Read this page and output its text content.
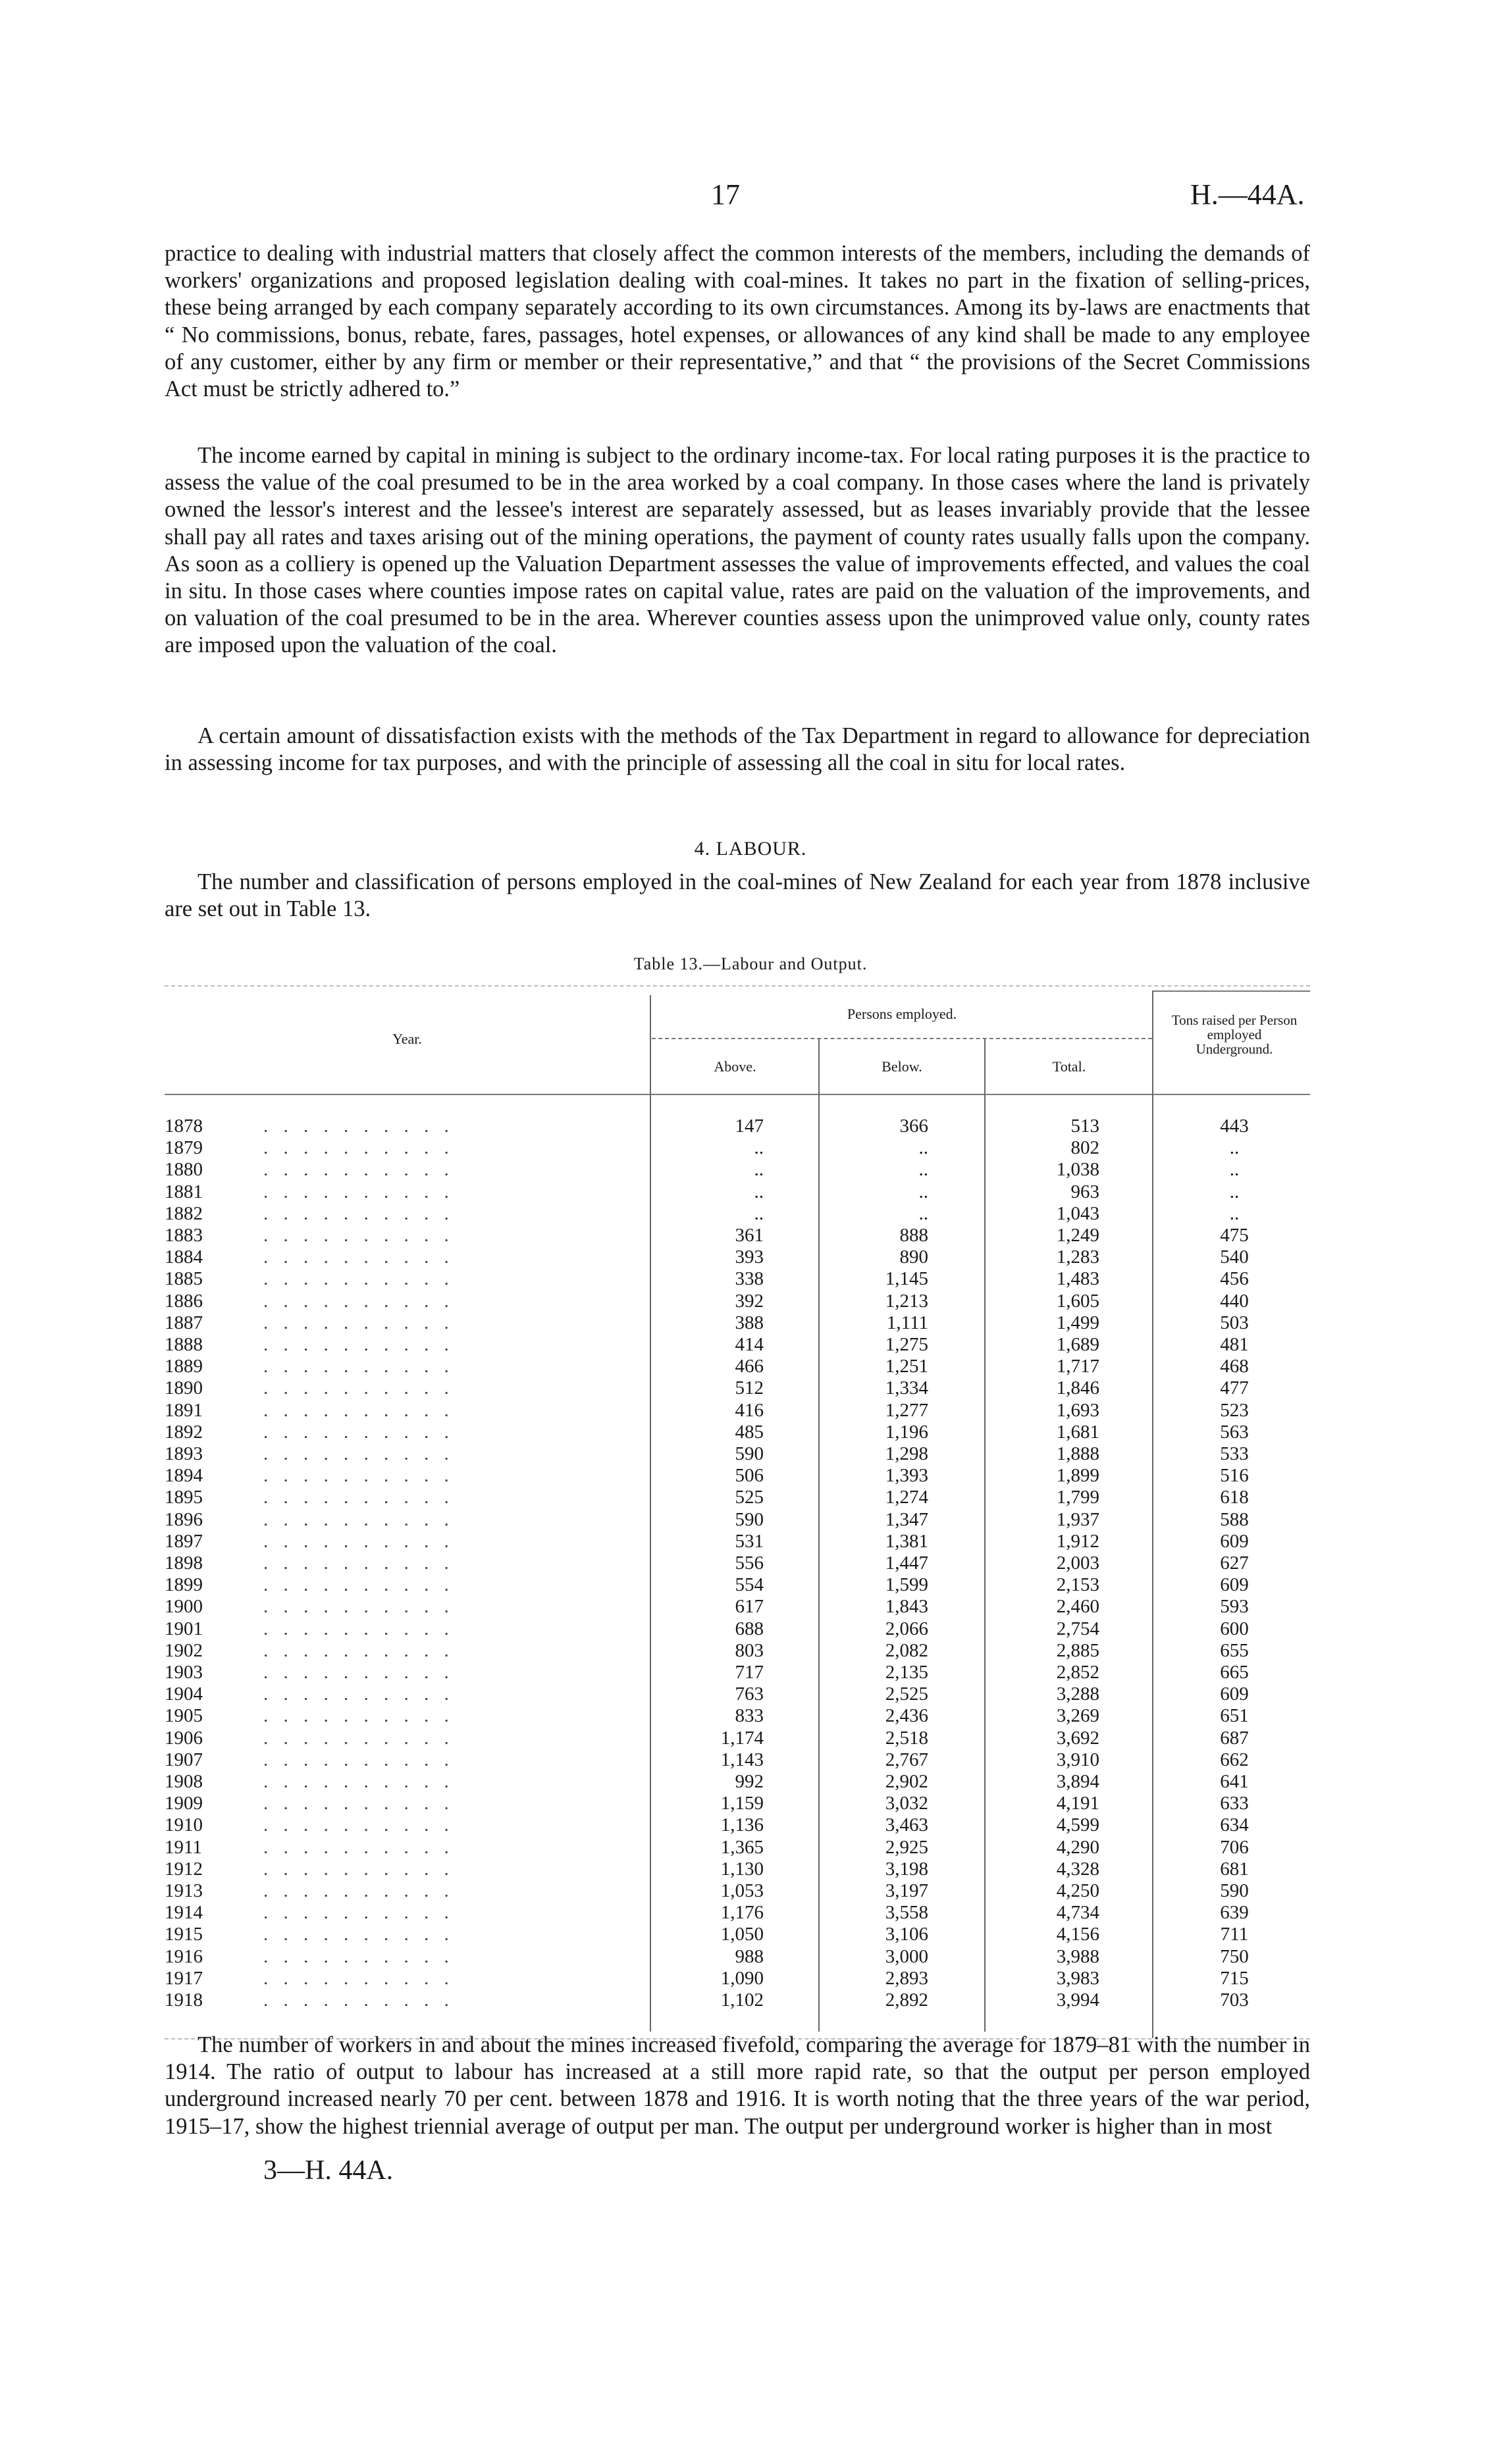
17	H.—44A.

practice to dealing with industrial matters that closely affect the common interests of the members, including the demands of workers' organizations and proposed legislation dealing with coal-mines. It takes no part in the fixation of selling-prices, these being arranged by each company separately according to its own circumstances. Among its by-laws are enactments that “ No commissions, bonus, rebate, fares, passages, hotel expenses, or allowances of any kind shall be made to any employee of any customer, either by any firm or member or their representative,” and that “ the provisions of the Secret Commissions Act must be strictly adhered to.”

The income earned by capital in mining is subject to the ordinary income-tax. For local rating purposes it is the practice to assess the value of the coal presumed to be in the area worked by a coal company. In those cases where the land is privately owned the lessor's interest and the lessee's interest are separately assessed, but as leases invariably provide that the lessee shall pay all rates and taxes arising out of the mining operations, the payment of county rates usually falls upon the company. As soon as a colliery is opened up the Valuation Department assesses the value of improvements effected, and values the coal in situ. In those cases where counties impose rates on capital value, rates are paid on the valuation of the improvements, and on valuation of the coal presumed to be in the area. Wherever counties assess upon the unimproved value only, county rates are imposed upon the valuation of the coal.

A certain amount of dissatisfaction exists with the methods of the Tax Department in regard to allowance for depreciation in assessing income for tax purposes, and with the principle of assessing all the coal in situ for local rates.

4. LABOUR.

The number and classification of persons employed in the coal-mines of New Zealand for each year from 1878 inclusive are set out in Table 13.

Table 13.—Labour and Output.
Year.
Persons employed.
Above.	Below.	Total.
Tons raised per Person employed Underground.
1878	. . . . . . . . . .	147	366	513	443
1879	. . . . . . . . . .	..	..	802	..
1880	. . . . . . . . . .	..	..	1,038	..
1881	. . . . . . . . . .	..	..	963	..
1882	. . . . . . . . . .	..	..	1,043	..
1883	. . . . . . . . . .	361	888	1,249	475
1884	. . . . . . . . . .	393	890	1,283	540
1885	. . . . . . . . . .	338	1,145	1,483	456
1886	. . . . . . . . . .	392	1,213	1,605	440
1887	. . . . . . . . . .	388	1,111	1,499	503
1888	. . . . . . . . . .	414	1,275	1,689	481
1889	. . . . . . . . . .	466	1,251	1,717	468
1890	. . . . . . . . . .	512	1,334	1,846	477
1891	. . . . . . . . . .	416	1,277	1,693	523
1892	. . . . . . . . . .	485	1,196	1,681	563
1893	. . . . . . . . . .	590	1,298	1,888	533
1894	. . . . . . . . . .	506	1,393	1,899	516
1895	. . . . . . . . . .	525	1,274	1,799	618
1896	. . . . . . . . . .	590	1,347	1,937	588
1897	. . . . . . . . . .	531	1,381	1,912	609
1898	. . . . . . . . . .	556	1,447	2,003	627
1899	. . . . . . . . . .	554	1,599	2,153	609
1900	. . . . . . . . . .	617	1,843	2,460	593
1901	. . . . . . . . . .	688	2,066	2,754	600
1902	. . . . . . . . . .	803	2,082	2,885	655
1903	. . . . . . . . . .	717	2,135	2,852	665
1904	. . . . . . . . . .	763	2,525	3,288	609
1905	. . . . . . . . . .	833	2,436	3,269	651
1906	. . . . . . . . . .	1,174	2,518	3,692	687
1907	. . . . . . . . . .	1,143	2,767	3,910	662
1908	. . . . . . . . . .	992	2,902	3,894	641
1909	. . . . . . . . . .	1,159	3,032	4,191	633
1910	. . . . . . . . . .	1,136	3,463	4,599	634
1911	. . . . . . . . . .	1,365	2,925	4,290	706
1912	. . . . . . . . . .	1,130	3,198	4,328	681
1913	. . . . . . . . . .	1,053	3,197	4,250	590
1914	. . . . . . . . . .	1,176	3,558	4,734	639
1915	. . . . . . . . . .	1,050	3,106	4,156	711
1916	. . . . . . . . . .	988	3,000	3,988	750
1917	. . . . . . . . . .	1,090	2,893	3,983	715
1918	. . . . . . . . . .	1,102	2,892	3,994	703

The number of workers in and about the mines increased fivefold, comparing the average for 1879–81 with the number in 1914. The ratio of output to labour has increased at a still more rapid rate, so that the output per person employed underground increased nearly 70 per cent. between 1878 and 1916. It is worth noting that the three years of the war period, 1915–17, show the highest triennial average of output per man. The output per underground worker is higher than in most

3—H. 44A.
